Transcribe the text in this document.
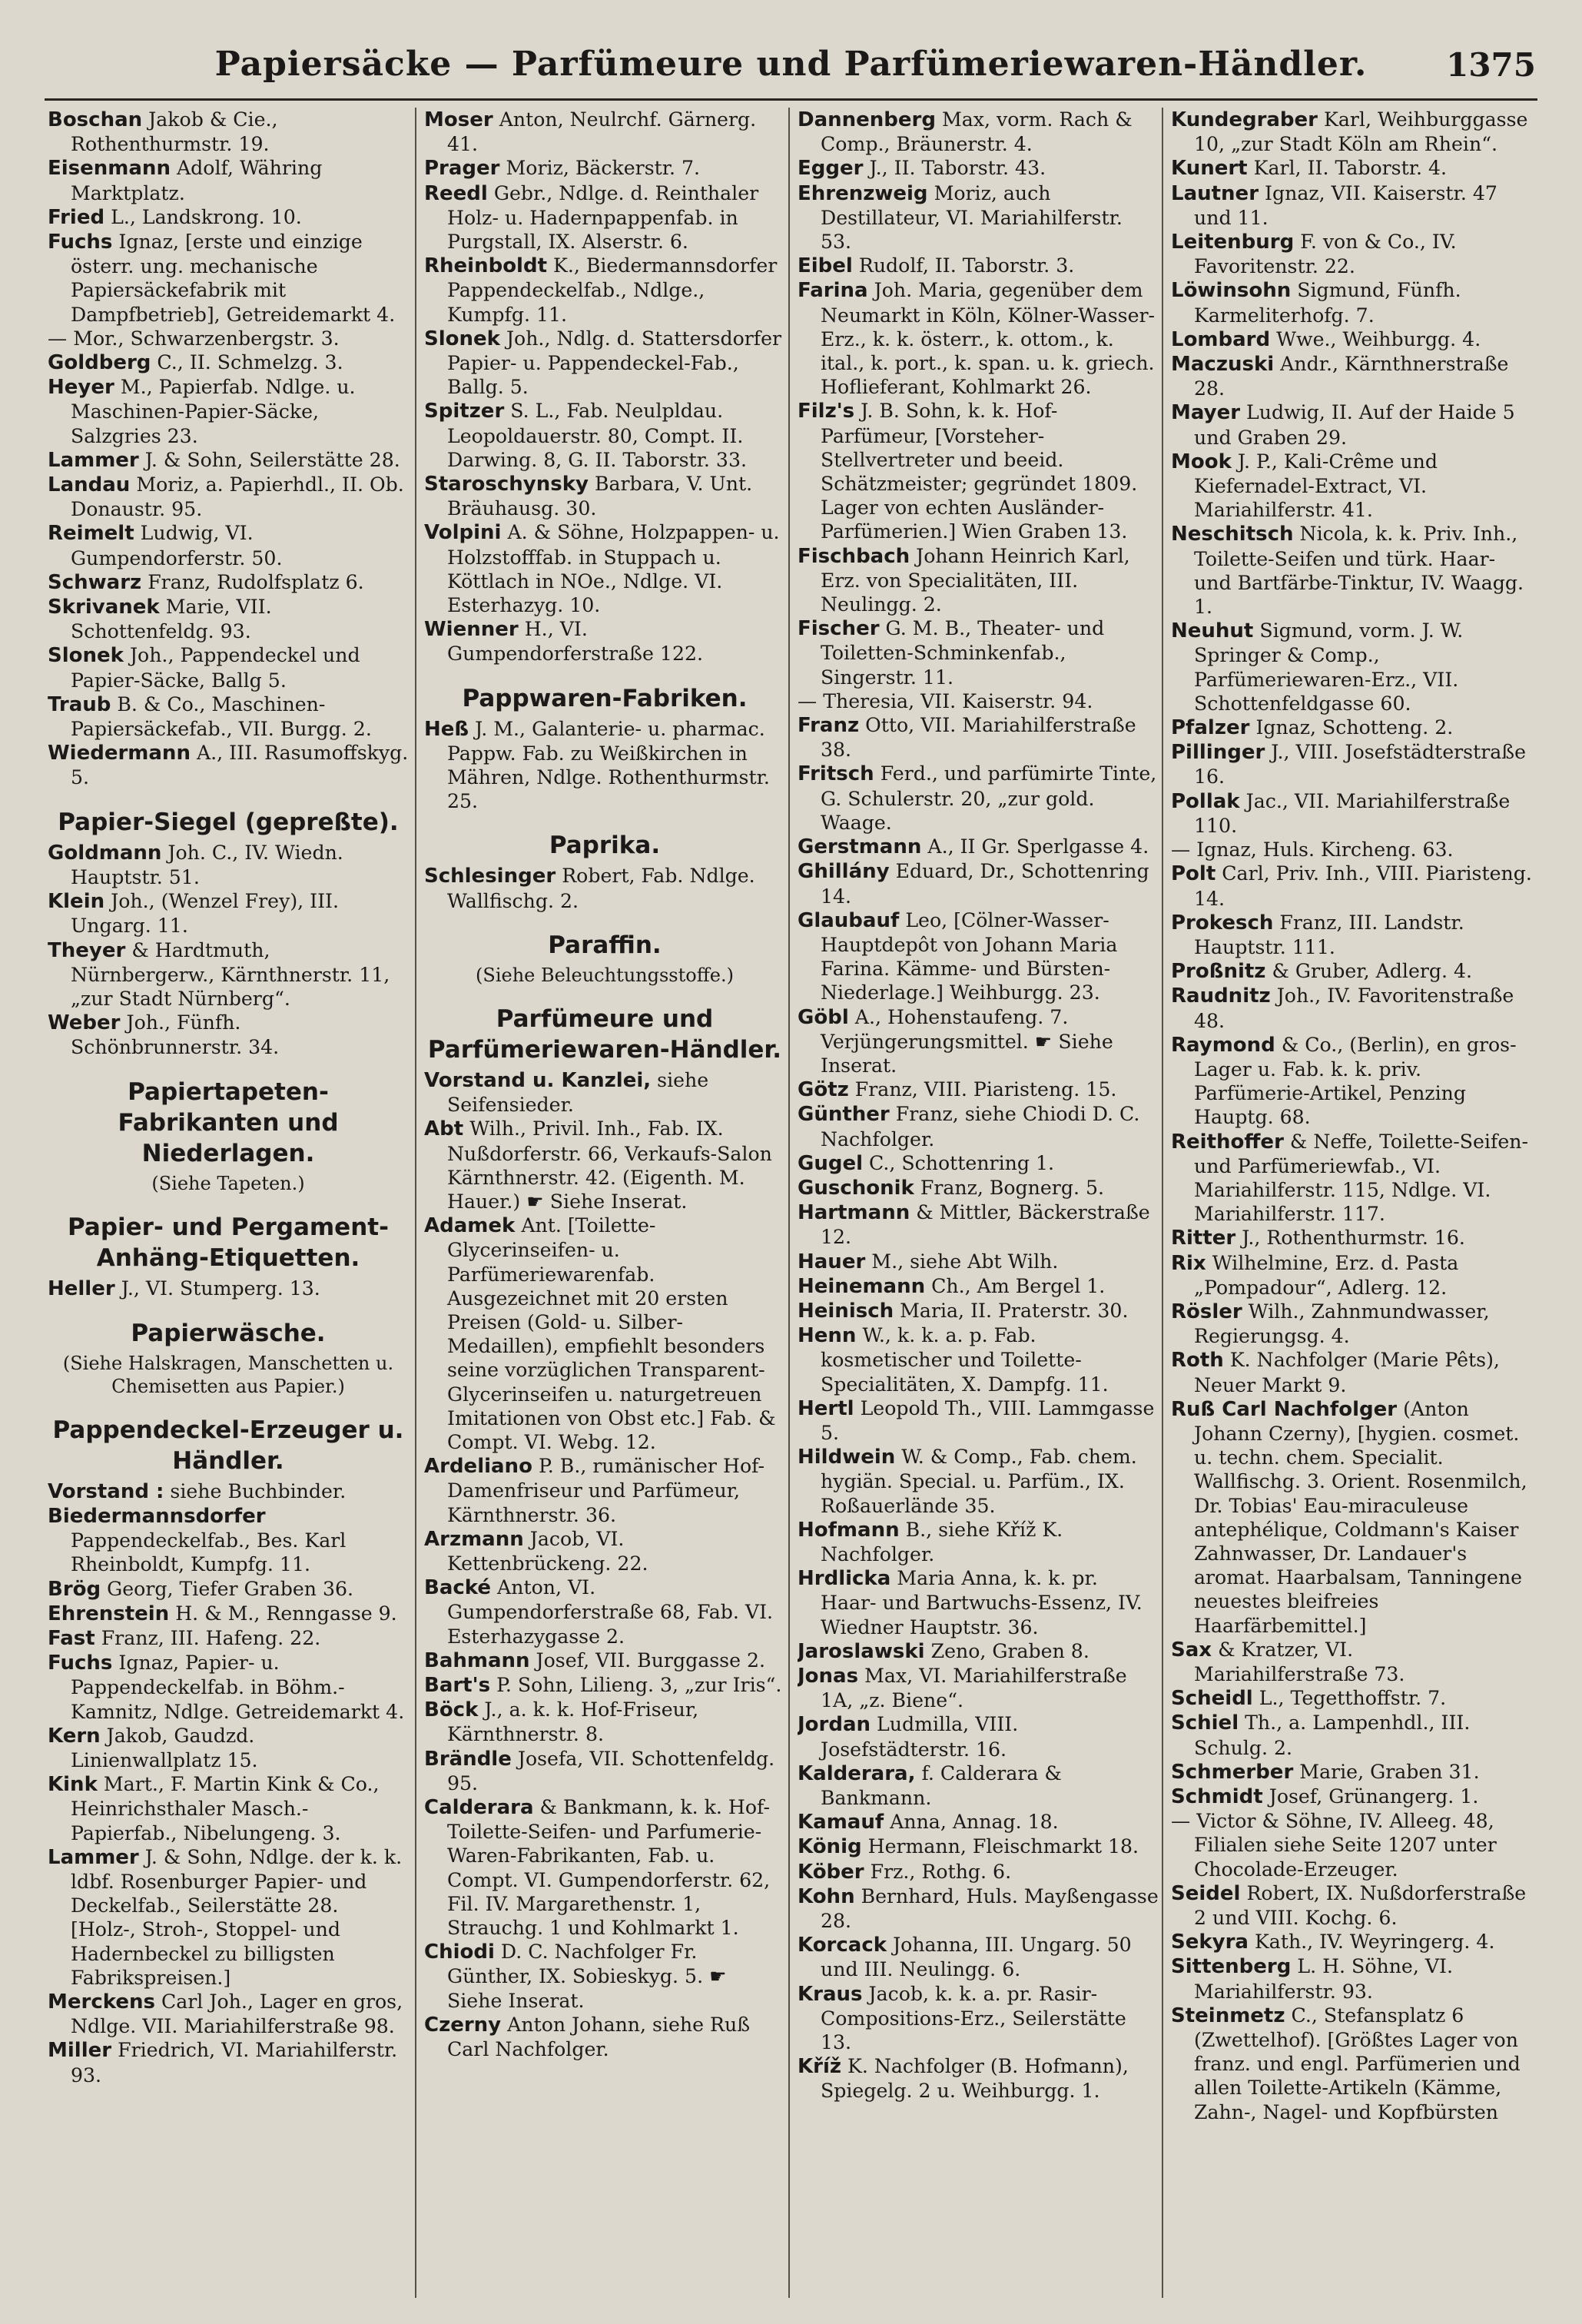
Papiersäcke — Parfümeure und Parfümeriewaren-Händler.	1375

Boschan Jakob & Cie., Rothenthurmstr. 19.

Eisenmann Adolf, Währing Marktplatz.

Fried L., Landskrong. 10.

Fuchs Ignaz, [erste und einzige österr. ung. mechanische Papiersäckefabrik mit Dampfbetrieb], Getreidemarkt 4.

— Mor., Schwarzenbergstr. 3.

Goldberg C., II. Schmelzg. 3.

Heyer M., Papierfab. Ndlge. u. Maschinen-Papier-Säcke, Salzgries 23.

Lammer J. & Sohn, Seilerstätte 28.

Landau Moriz, a. Papierhdl., II. Ob. Donaustr. 95.

Reimelt Ludwig, VI. Gumpendorferstr. 50.

Schwarz Franz, Rudolfsplatz 6.

Skrivanek Marie, VII. Schottenfeldg. 93.

Slonek Joh., Pappendeckel und Papier-Säcke, Ballg 5.

Traub B. & Co., Maschinen-Papiersäckefab., VII. Burgg. 2.

Wiedermann A., III. Rasumoffskyg. 5.

Papier-Siegel (gepreßte).

Goldmann Joh. C., IV. Wiedn. Hauptstr. 51.

Klein Joh., (Wenzel Frey), III. Ungarg. 11.

Theyer & Hardtmuth, Nürnbergerw., Kärnthnerstr. 11, „zur Stadt Nürnberg“.

Weber Joh., Fünfh. Schönbrunnerstr. 34.

Papiertapeten-Fabrikanten und Niederlagen.
(Siehe Tapeten.)
Papier- und Pergament-Anhäng-Etiquetten.

Heller J., VI. Stumperg. 13.

Papierwäsche.
(Siehe Halskragen, Manschetten u. Chemisetten aus Papier.)
Pappendeckel-Erzeuger u. Händler.

Vorstand : siehe Buchbinder.

Biedermannsdorfer Pappendeckelfab., Bes. Karl Rheinboldt, Kumpfg. 11.

Brög Georg, Tiefer Graben 36.

Ehrenstein H. & M., Renngasse 9.

Fast Franz, III. Hafeng. 22.

Fuchs Ignaz, Papier- u. Pappendeckelfab. in Böhm.-Kamnitz, Ndlge. Getreidemarkt 4.

Kern Jakob, Gaudzd. Linienwallplatz 15.

Kink Mart., F. Martin Kink & Co., Heinrichsthaler Masch.-Papierfab., Nibelungeng. 3.

Lammer J. & Sohn, Ndlge. der k. k. ldbf. Rosenburger Papier- und Deckelfab., Seilerstätte 28. [Holz-, Stroh-, Stoppel- und Hadernbeckel zu billigsten Fabrikspreisen.]

Merckens Carl Joh., Lager en gros, Ndlge. VII. Mariahilferstraße 98.

Miller Friedrich, VI. Mariahilferstr. 93.

Moser Anton, Neulrchf. Gärnerg. 41.

Prager Moriz, Bäckerstr. 7.

Reedl Gebr., Ndlge. d. Reinthaler Holz- u. Hadernpappenfab. in Purgstall, IX. Alserstr. 6.

Rheinboldt K., Biedermannsdorfer Pappendeckelfab., Ndlge., Kumpfg. 11.

Slonek Joh., Ndlg. d. Stattersdorfer Papier- u. Pappendeckel-Fab., Ballg. 5.

Spitzer S. L., Fab. Neulpldau. Leopoldauerstr. 80, Compt. II. Darwing. 8, G. II. Taborstr. 33.

Staroschynsky Barbara, V. Unt. Bräuhausg. 30.

Volpini A. & Söhne, Holzpappen- u. Holzstofffab. in Stuppach u. Köttlach in NOe., Ndlge. VI. Esterhazyg. 10.

Wienner H., VI. Gumpendorferstraße 122.

Pappwaren-Fabriken.

Heß J. M., Galanterie- u. pharmac. Pappw. Fab. zu Weißkirchen in Mähren, Ndlge. Rothenthurmstr. 25.

Paprika.

Schlesinger Robert, Fab. Ndlge. Wallfischg. 2.

Paraffin.
(Siehe Beleuchtungsstoffe.)
Parfümeure und Parfümeriewaren-Händler.

Vorstand u. Kanzlei, siehe Seifensieder.

Abt Wilh., Privil. Inh., Fab. IX. Nußdorferstr. 66, Verkaufs-Salon Kärnthnerstr. 42. (Eigenth. M. Hauer.) ☛ Siehe Inserat.

Adamek Ant. [Toilette-Glycerinseifen- u. Parfümeriewarenfab. Ausgezeichnet mit 20 ersten Preisen (Gold- u. Silber-Medaillen), empfiehlt besonders seine vorzüglichen Transparent-Glycerinseifen u. naturgetreuen Imitationen von Obst etc.] Fab. & Compt. VI. Webg. 12.

Ardeliano P. B., rumänischer Hof-Damenfriseur und Parfümeur, Kärnthnerstr. 36.

Arzmann Jacob, VI. Kettenbrückeng. 22.

Backé Anton, VI. Gumpendorferstraße 68, Fab. VI. Esterhazygasse 2.

Bahmann Josef, VII. Burggasse 2.

Bart's P. Sohn, Lilieng. 3, „zur Iris“.

Böck J., a. k. k. Hof-Friseur, Kärnthnerstr. 8.

Brändle Josefa, VII. Schottenfeldg. 95.

Calderara & Bankmann, k. k. Hof-Toilette-Seifen- und Parfumerie-Waren-Fabrikanten, Fab. u. Compt. VI. Gumpendorferstr. 62, Fil. IV. Margarethenstr. 1, Strauchg. 1 und Kohlmarkt 1.

Chiodi D. C. Nachfolger Fr. Günther, IX. Sobieskyg. 5. ☛ Siehe Inserat.

Czerny Anton Johann, siehe Ruß Carl Nachfolger.

Dannenberg Max, vorm. Rach & Comp., Bräunerstr. 4.

Egger J., II. Taborstr. 43.

Ehrenzweig Moriz, auch Destillateur, VI. Mariahilferstr. 53.

Eibel Rudolf, II. Taborstr. 3.

Farina Joh. Maria, gegenüber dem Neumarkt in Köln, Kölner-Wasser-Erz., k. k. österr., k. ottom., k. ital., k. port., k. span. u. k. griech. Hoflieferant, Kohlmarkt 26.

Filz's J. B. Sohn, k. k. Hof-Parfümeur, [Vorsteher-Stellvertreter und beeid. Schätzmeister; gegründet 1809. Lager von echten Ausländer-Parfümerien.] Wien Graben 13.

Fischbach Johann Heinrich Karl, Erz. von Specialitäten, III. Neulingg. 2.

Fischer G. M. B., Theater- und Toiletten-Schminkenfab., Singerstr. 11.

— Theresia, VII. Kaiserstr. 94.

Franz Otto, VII. Mariahilferstraße 38.

Fritsch Ferd., und parfümirte Tinte, G. Schulerstr. 20, „zur gold. Waage.

Gerstmann A., II Gr. Sperlgasse 4.

Ghillány Eduard, Dr., Schottenring 14.

Glaubauf Leo, [Cölner-Wasser-Hauptdepôt von Johann Maria Farina. Kämme- und Bürsten-Niederlage.] Weihburgg. 23.

Göbl A., Hohenstaufeng. 7. Verjüngerungsmittel. ☛ Siehe Inserat.

Götz Franz, VIII. Piaristeng. 15.

Günther Franz, siehe Chiodi D. C. Nachfolger.

Gugel C., Schottenring 1.

Guschonik Franz, Bognerg. 5.

Hartmann & Mittler, Bäckerstraße 12.

Hauer M., siehe Abt Wilh.

Heinemann Ch., Am Bergel 1.

Heinisch Maria, II. Praterstr. 30.

Henn W., k. k. a. p. Fab. kosmetischer und Toilette-Specialitäten, X. Dampfg. 11.

Hertl Leopold Th., VIII. Lammgasse 5.

Hildwein W. & Comp., Fab. chem. hygiän. Special. u. Parfüm., IX. Roßauerlände 35.

Hofmann B., siehe Kříž K. Nachfolger.

Hrdlicka Maria Anna, k. k. pr. Haar- und Bartwuchs-Essenz, IV. Wiedner Hauptstr. 36.

Jaroslawski Zeno, Graben 8.

Jonas Max, VI. Mariahilferstraße 1A, „z. Biene“.

Jordan Ludmilla, VIII. Josefstädterstr. 16.

Kalderara, f. Calderara & Bankmann.

Kamauf Anna, Annag. 18.

König Hermann, Fleischmarkt 18.

Köber Frz., Rothg. 6.

Kohn Bernhard, Huls. Mayßengasse 28.

Korcack Johanna, III. Ungarg. 50 und III. Neulingg. 6.

Kraus Jacob, k. k. a. pr. Rasir-Compositions-Erz., Seilerstätte 13.

Kříž K. Nachfolger (B. Hofmann), Spiegelg. 2 u. Weihburgg. 1.

Kundegraber Karl, Weihburggasse 10, „zur Stadt Köln am Rhein“.

Kunert Karl, II. Taborstr. 4.

Lautner Ignaz, VII. Kaiserstr. 47 und 11.

Leitenburg F. von & Co., IV. Favoritenstr. 22.

Löwinsohn Sigmund, Fünfh. Karmeliterhofg. 7.

Lombard Wwe., Weihburgg. 4.

Maczuski Andr., Kärnthnerstraße 28.

Mayer Ludwig, II. Auf der Haide 5 und Graben 29.

Mook J. P., Kali-Crême und Kiefernadel-Extract, VI. Mariahilferstr. 41.

Neschitsch Nicola, k. k. Priv. Inh., Toilette-Seifen und türk. Haar- und Bartfärbe-Tinktur, IV. Waagg. 1.

Neuhut Sigmund, vorm. J. W. Springer & Comp., Parfümeriewaren-Erz., VII. Schottenfeldgasse 60.

Pfalzer Ignaz, Schotteng. 2.

Pillinger J., VIII. Josefstädterstraße 16.

Pollak Jac., VII. Mariahilferstraße 110.

— Ignaz, Huls. Kircheng. 63.

Polt Carl, Priv. Inh., VIII. Piaristeng. 14.

Prokesch Franz, III. Landstr. Hauptstr. 111.

Proßnitz & Gruber, Adlerg. 4.

Raudnitz Joh., IV. Favoritenstraße 48.

Raymond & Co., (Berlin), en gros-Lager u. Fab. k. k. priv. Parfümerie-Artikel, Penzing Hauptg. 68.

Reithoffer & Neffe, Toilette-Seifen- und Parfümeriewfab., VI. Mariahilferstr. 115, Ndlge. VI. Mariahilferstr. 117.

Ritter J., Rothenthurmstr. 16.

Rix Wilhelmine, Erz. d. Pasta „Pompadour“, Adlerg. 12.

Rösler Wilh., Zahnmundwasser, Regierungsg. 4.

Roth K. Nachfolger (Marie Pêts), Neuer Markt 9.

Ruß Carl Nachfolger (Anton Johann Czerny), [hygien. cosmet. u. techn. chem. Specialit. Wallfischg. 3. Orient. Rosenmilch, Dr. Tobias' Eau-miraculeuse antephélique, Coldmann's Kaiser Zahnwasser, Dr. Landauer's aromat. Haarbalsam, Tanningene neuestes bleifreies Haarfärbemittel.]

Sax & Kratzer, VI. Mariahilferstraße 73.

Scheidl L., Tegetthoffstr. 7.

Schiel Th., a. Lampenhdl., III. Schulg. 2.

Schmerber Marie, Graben 31.

Schmidt Josef, Grünangerg. 1.

— Victor & Söhne, IV. Alleeg. 48, Filialen siehe Seite 1207 unter Chocolade-Erzeuger.

Seidel Robert, IX. Nußdorferstraße 2 und VIII. Kochg. 6.

Sekyra Kath., IV. Weyringerg. 4.

Sittenberg L. H. Söhne, VI. Mariahilferstr. 93.

Steinmetz C., Stefansplatz 6 (Zwettelhof). [Größtes Lager von franz. und engl. Parfümerien und allen Toilette-Artikeln (Kämme, Zahn-, Nagel- und Kopfbürsten
